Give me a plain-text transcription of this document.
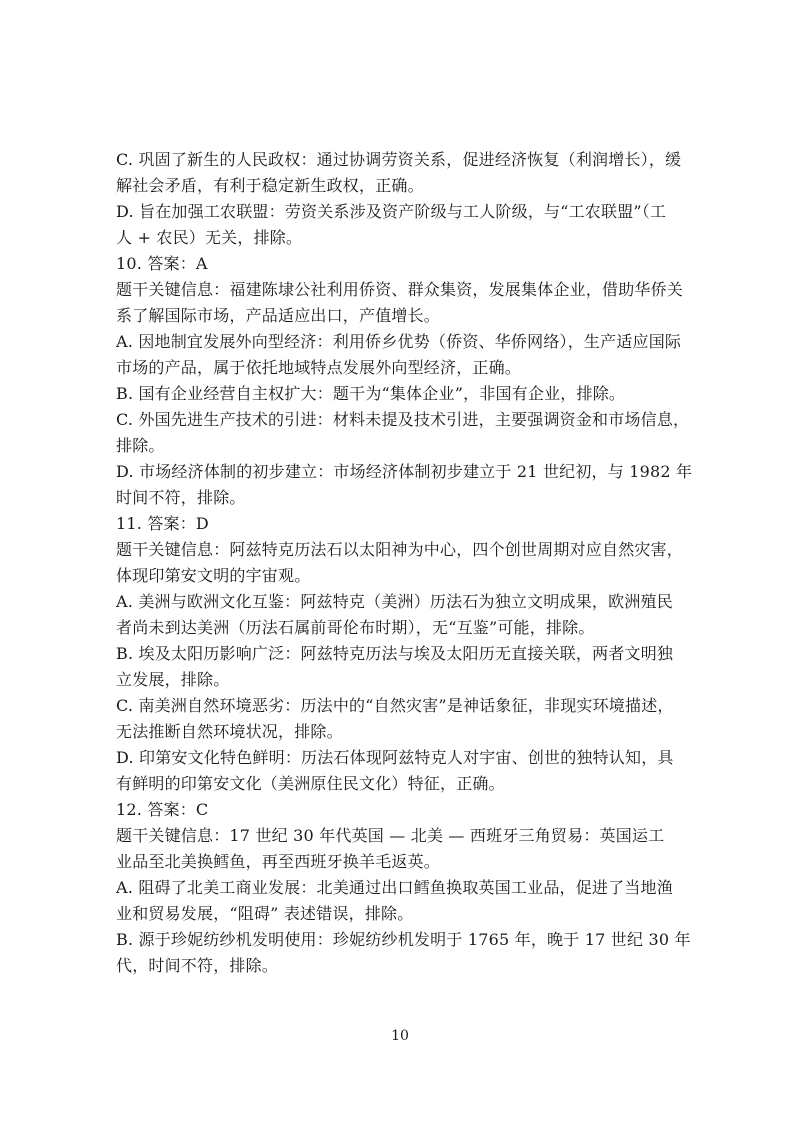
C. 巩固了新生的人民政权：通过协调劳资关系，促进经济恢复（利润增长），缓
解社会矛盾，有利于稳定新生政权，正确。
D. 旨在加强工农联盟：劳资关系涉及资产阶级与工人阶级，与“工农联盟”（工
人 + 农民）无关，排除。
10. 答案：A
题干关键信息：福建陈埭公社利用侨资、群众集资，发展集体企业，借助华侨关
系了解国际市场，产品适应出口，产值增长。
A. 因地制宜发展外向型经济：利用侨乡优势（侨资、华侨网络），生产适应国际
市场的产品，属于依托地域特点发展外向型经济，正确。
B. 国有企业经营自主权扩大：题干为“集体企业”，非国有企业，排除。
C. 外国先进生产技术的引进：材料未提及技术引进，主要强调资金和市场信息，
排除。
D. 市场经济体制的初步建立：市场经济体制初步建立于 21 世纪初，与 1982 年
时间不符，排除。
11. 答案：D
题干关键信息：阿兹特克历法石以太阳神为中心，四个创世周期对应自然灾害，
体现印第安文明的宇宙观。
A. 美洲与欧洲文化互鉴：阿兹特克（美洲）历法石为独立文明成果，欧洲殖民
者尚未到达美洲（历法石属前哥伦布时期），无“互鉴”可能，排除。
B. 埃及太阳历影响广泛：阿兹特克历法与埃及太阳历无直接关联，两者文明独
立发展，排除。
C. 南美洲自然环境恶劣：历法中的“自然灾害”是神话象征，非现实环境描述，
无法推断自然环境状况，排除。
D. 印第安文化特色鲜明：历法石体现阿兹特克人对宇宙、创世的独特认知，具
有鲜明的印第安文化（美洲原住民文化）特征，正确。
12. 答案：C
题干关键信息：17 世纪 30 年代英国 — 北美 — 西班牙三角贸易：英国运工
业品至北美换鳕鱼，再至西班牙换羊毛返英。
A. 阻碍了北美工商业发展：北美通过出口鳕鱼换取英国工业品，促进了当地渔
业和贸易发展，“阻碍” 表述错误，排除。
B. 源于珍妮纺纱机发明使用：珍妮纺纱机发明于 1765 年，晚于 17 世纪 30 年
代，时间不符，排除。
10
